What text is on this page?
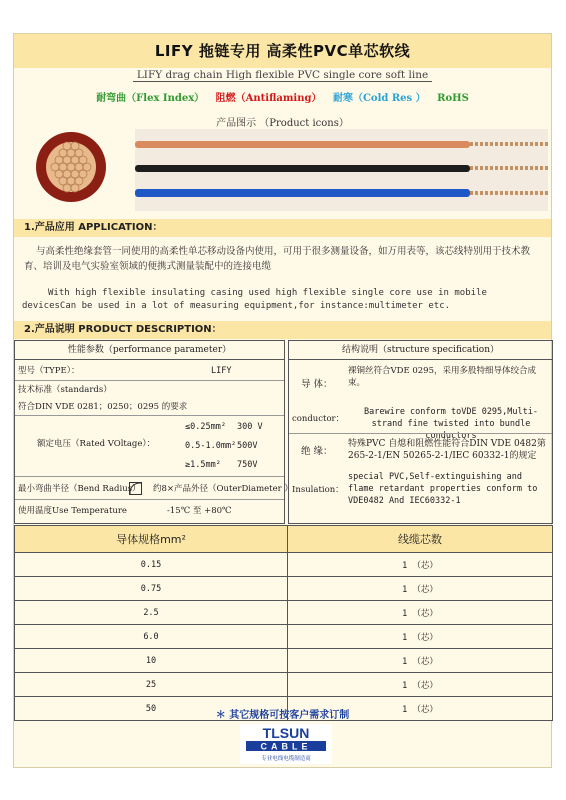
LIFY 拖链专用 高柔性PVC单芯软线
LIFY drag chain High flexible PVC single core soft line
耐弯曲（Flex Index） 阻燃（Antiflaming） 耐寒（Cold Res ） RoHS
产品图示 （Product icons）
1.产品应用 APPLICATION：
与高柔性绝缘套管一同使用的高柔性单芯移动设备内使用，可用于很多测量设备，如万用表等，该芯线特别用于技术教育、培训及电气实验室领域的便携式测量装配中的连接电缆
With high flexible insulating casing used high flexible single core use in mobile devicesCan be used in a lot of measuring equipment,for instance:multimeter etc.
2.产品说明 PRODUCT DESCRIPTION：
性能参数（performance parameter）
型号（TYPE）：	LIFY
技术标准（standards）
符合DIN VDE 0281；0250；0295 的要求
额定电压（Rated VOltage）：
≤0.25mm² 300 V
0.5-1.0mm² 500V
≥1.5mm² 750V
最小弯曲半径（Bend Radius） 约8×产品外径（OuterDiameter ）
使用温度Use Temperature	-15℃ 至 +80℃
结构说明（structure specification）
导 体：
裸铜丝符合VDE 0295，采用多股特细导体绞合成束。
conductor：
Barewire conform toVDE 0295,Multi-strand fine twisted into bundle conductors
绝 缘：
特殊PVC 自熄和阻燃性能符合DIN VDE 0482第265-2-1/EN 50265-2-1/IEC 60332-1的规定
Insulation：
special PVC,Self-extinguishing and flame retardant properties conform to VDE0482 And IEC60332-1
导体规格mm²	线缆芯数
0.15	1 （芯）
0.75	1 （芯）
2.5	1 （芯）
6.0	1 （芯）
10	1 （芯）
25	1 （芯）
50	1 （芯）
＊ 其它规格可按客户需求订制
TLSUN
CABLE
专业电线电缆制造商
